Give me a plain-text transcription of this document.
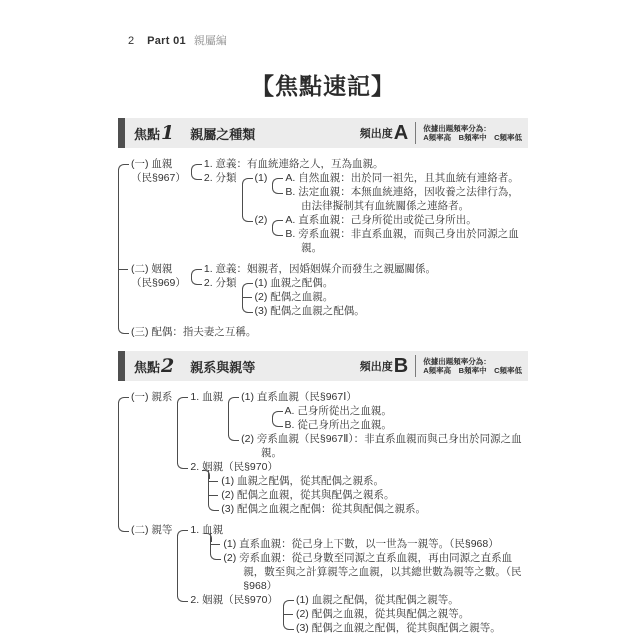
2 Part 01 親屬編
【焦點速記】
焦點 1 親屬之種類	頻出度 A 依據出題頻率分為：
A頻率高　B頻率中　C頻率低
(一) 血親
（民§967）
1. 意義：有血統連絡之人，互為血親。
2. 分類 (1) A. 自然血親：出於同一祖先，且其血統有連絡者。
B. 法定血親：本無血統連絡，因收養之法律行為，由法律擬制其有血統關係之連絡者。
(2) A. 直系血親：己身所從出或從己身所出。
B. 旁系血親：非直系血親，而與己身出於同源之血親。
(二) 姻親
（民§969）
1. 意義：姻親者，因婚姻媒介而發生之親屬關係。
2. 分類 (1) 血親之配偶。
(2) 配偶之血親。
(3) 配偶之血親之配偶。
(三) 配偶：指夫妻之互稱。
焦點 2 親系與親等	頻出度 B 依據出題頻率分為：
A頻率高　B頻率中　C頻率低
(一) 親系 1. 血親 (1) 直系血親（民§967Ⅰ）
A. 己身所從出之血親。
B. 從己身所出之血親。
(2) 旁系血親（民§967Ⅱ）：非直系血親而與己身出於同源之血親。
2. 姻親（民§970）
(1) 血親之配偶，從其配偶之親系。
(2) 配偶之血親，從其與配偶之親系。
(3) 配偶之血親之配偶：從其與配偶之親系。
(二) 親等 1. 血親
(1) 直系血親：從己身上下數，以一世為一親等。（民§968）
(2) 旁系血親：從己身數至同源之直系血親，再由同源之直系血親，數至與之計算親等之血親，以其總世數為親等之數。（民§968）
2. 姻親（民§970） (1) 血親之配偶，從其配偶之親等。
(2) 配偶之血親，從其與配偶之親等。
(3) 配偶之血親之配偶，從其與配偶之親等。
